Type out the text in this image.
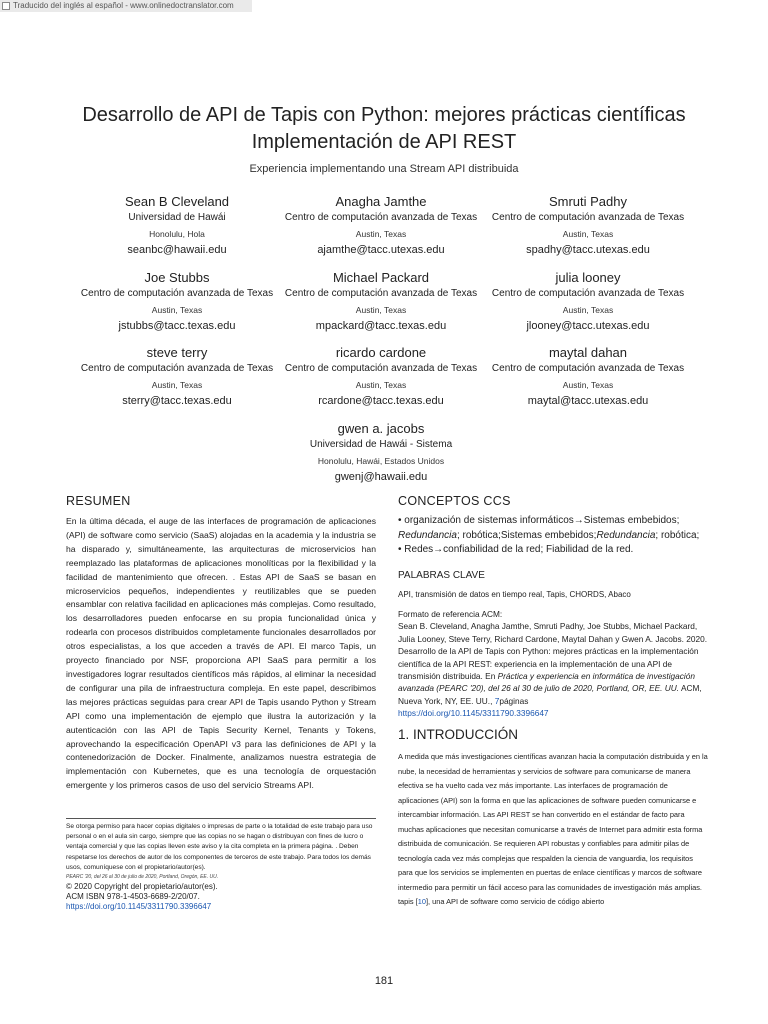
Traducido del inglés al español - www.onlinedoctranslator.com
Desarrollo de API de Tapis con Python: mejores prácticas científicas
Implementación de API REST
Experiencia implementando una Stream API distribuida
Sean B Cleveland
Universidad de Hawái
Honolulu, Hola
seanbc@hawaii.edu
Anagha Jamthe
Centro de computación avanzada de Texas
Austin, Texas
ajamthe@tacc.utexas.edu
Smruti Padhy
Centro de computación avanzada de Texas
Austin, Texas
spadhy@tacc.utexas.edu
Joe Stubbs
Centro de computación avanzada de Texas
Austin, Texas
jstubbs@tacc.texas.edu
Michael Packard
Centro de computación avanzada de Texas
Austin, Texas
mpackard@tacc.texas.edu
julia looney
Centro de computación avanzada de Texas
Austin, Texas
jlooney@tacc.utexas.edu
steve terry
Centro de computación avanzada de Texas
Austin, Texas
sterry@tacc.texas.edu
ricardo cardone
Centro de computación avanzada de Texas
Austin, Texas
rcardone@tacc.texas.edu
maytal dahan
Centro de computación avanzada de Texas
Austin, Texas
maytal@tacc.utexas.edu
gwen a. jacobs
Universidad de Hawái - Sistema
Honolulu, Hawái, Estados Unidos
gwenj@hawaii.edu
RESUMEN
En la última década, el auge de las interfaces de programación de aplicaciones (API) de software como servicio (SaaS) alojadas en la academia y la industria se ha disparado y, simultáneamente, las arquitecturas de microservicios han reemplazado las plataformas de aplicaciones monolíticas por la flexibilidad y la facilidad de mantenimiento que ofrecen. . Estas API de SaaS se basan en microservicios pequeños, independientes y reutilizables que se pueden ensamblar con relativa facilidad en aplicaciones más complejas. Como resultado, los desarrolladores pueden enfocarse en su propia funcionalidad única y rodearla con procesos distribuidos completamente funcionales desarrollados por otros especialistas, a los que acceden a través de API. El marco Tapis, un proyecto financiado por NSF, proporciona API SaaS para permitir a los investigadores lograr resultados científicos más rápidos, al eliminar la necesidad de configurar una pila de infraestructura compleja. En este papel, describimos las mejores prácticas seguidas para crear API de Tapis usando Python y Stream API como una implementación de ejemplo que ilustra la autorización y la autenticación con las API de Tapis Security Kernel, Tenants y Tokens, aprovechando la especificación OpenAPI v3 para las definiciones de API y la contenedorización de Docker. Finalmente, analizamos nuestra estrategia de implementación con Kubernetes, que es una tecnología de orquestación emergente y los primeros casos de uso del servicio Streams API.
CONCEPTOS CCS
• organización de sistemas informáticos→Sistemas embebidos;
Redundancia; robótica;Sistemas embebidos;Redundancia; robótica;
• Redes→confiabilidad de la red; Fiabilidad de la red.
PALABRAS CLAVE
API, transmisión de datos en tiempo real, Tapis, CHORDS, Abaco
Formato de referencia ACM:
Sean B. Cleveland, Anagha Jamthe, Smruti Padhy, Joe Stubbs, Michael Packard, Julia Looney, Steve Terry, Richard Cardone, Maytal Dahan y Gwen A. Jacobs. 2020. Desarrollo de la API de Tapis con Python: mejores prácticas en la implementación científica de la API REST: experiencia en la implementación de una API de transmisión distribuida. En Práctica y experiencia en informática de investigación avanzada (PEARC '20), del 26 al 30 de julio de 2020, Portland, OR, EE. UU. ACM, Nueva York, NY, EE. UU., 7páginas
https://doi.org/10.1145/3311790.3396647
1. INTRODUCCIÓN
A medida que más investigaciones científicas avanzan hacia la computación distribuida y en la nube, la necesidad de herramientas y servicios de software para comunicarse de manera efectiva se ha vuelto cada vez más importante. Las interfaces de programación de aplicaciones (API) son la forma en que las aplicaciones de software pueden comunicarse e intercambiar información. Las API REST se han convertido en el estándar de facto para muchas aplicaciones que necesitan comunicarse a través de Internet para admitir esta forma distribuida de comunicación. Se requieren API robustas y confiables para admitir pilas de tecnología cada vez más complejas que respalden la ciencia de vanguardia, los requisitos para que los servicios se implementen en puertas de enlace científicas y marcos de software intermedio para permitir un fácil acceso para las comunidades de investigación más amplias. tapis [10], una API de software como servicio de código abierto
Se otorga permiso para hacer copias digitales o impresas de parte o la totalidad de este trabajo para uso personal o en el aula sin cargo, siempre que las copias no se hagan o distribuyan con fines de lucro o ventaja comercial y que las copias lleven este aviso y la cita completa en la primera página. . Deben respetarse los derechos de autor de los componentes de terceros de este trabajo. Para todos los demás usos, comuníquese con el propietario/autor(es).
PEARC '20, del 26 al 30 de julio de 2020, Portland, Oregón, EE. UU.
© 2020 Copyright del propietario/autor(es).
ACM ISBN 978-1-4503-6689-2/20/07.
https://doi.org/10.1145/3311790.3396647
181
